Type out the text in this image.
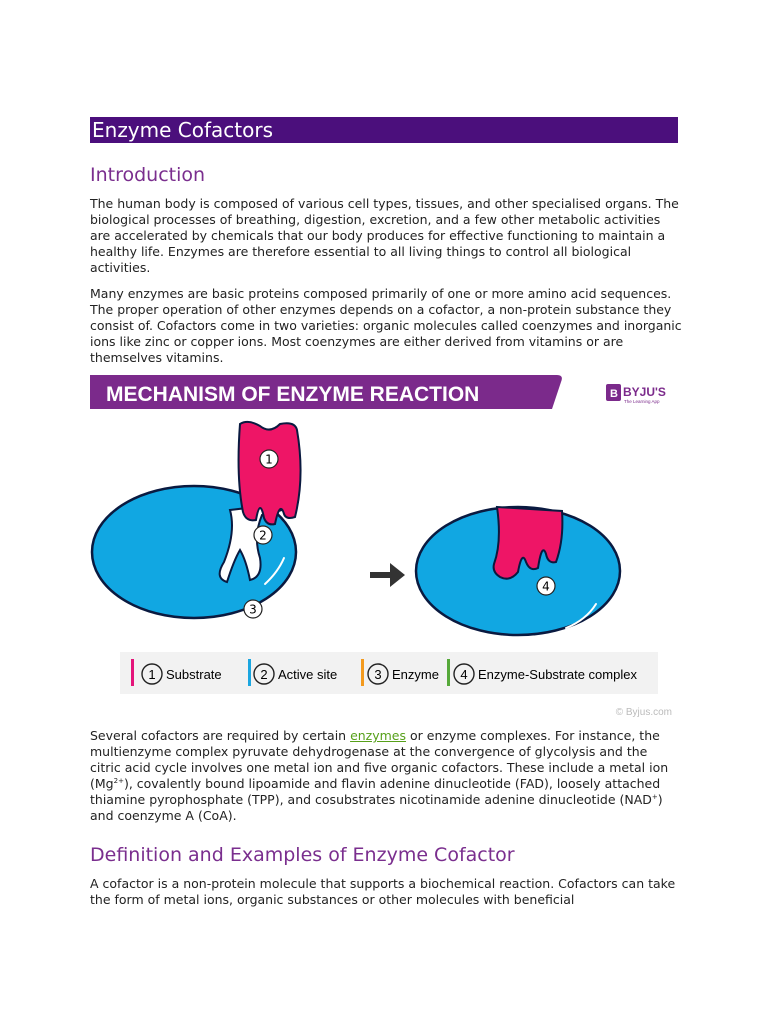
Enzyme Cofactors
Introduction

The human body is composed of various cell types, tissues, and other specialised organs. The biological processes of breathing, digestion, excretion, and a few other metabolic activities are accelerated by chemicals that our body produces for effective functioning to maintain a healthy life. Enzymes are therefore essential to all living things to control all biological activities.

Many enzymes are basic proteins composed primarily of one or more amino acid sequences. The proper operation of other enzymes depends on a cofactor, a non-protein substance they consist of. Cofactors come in two varieties: organic molecules called coenzymes and inorganic ions like zinc or copper ions. Most coenzymes are either derived from vitamins or are themselves vitamins.

MECHANISM OF ENZYME REACTION	B BYJU'S
The Learning App
1
2
3
4
1 Substrate	2 Active site	3 Enzyme 4 Enzyme-Substrate complex
© Byjus.com

Several cofactors are required by certain enzymes or enzyme complexes. For instance, the multienzyme complex pyruvate dehydrogenase at the convergence of glycolysis and the citric acid cycle involves one metal ion and five organic cofactors. These include a metal ion $(Mg^{2+})$, covalently bound lipoamide and flavin adenine dinucleotide (FAD), loosely attached thiamine pyrophosphate (TPP), and cosubstrates nicotinamide adenine dinucleotide (NAD+) and coenzyme A (CoA).

Definition and Examples of Enzyme Cofactor

A cofactor is a non-protein molecule that supports a biochemical reaction. Cofactors can take the form of metal ions, organic substances or other molecules with beneficial
